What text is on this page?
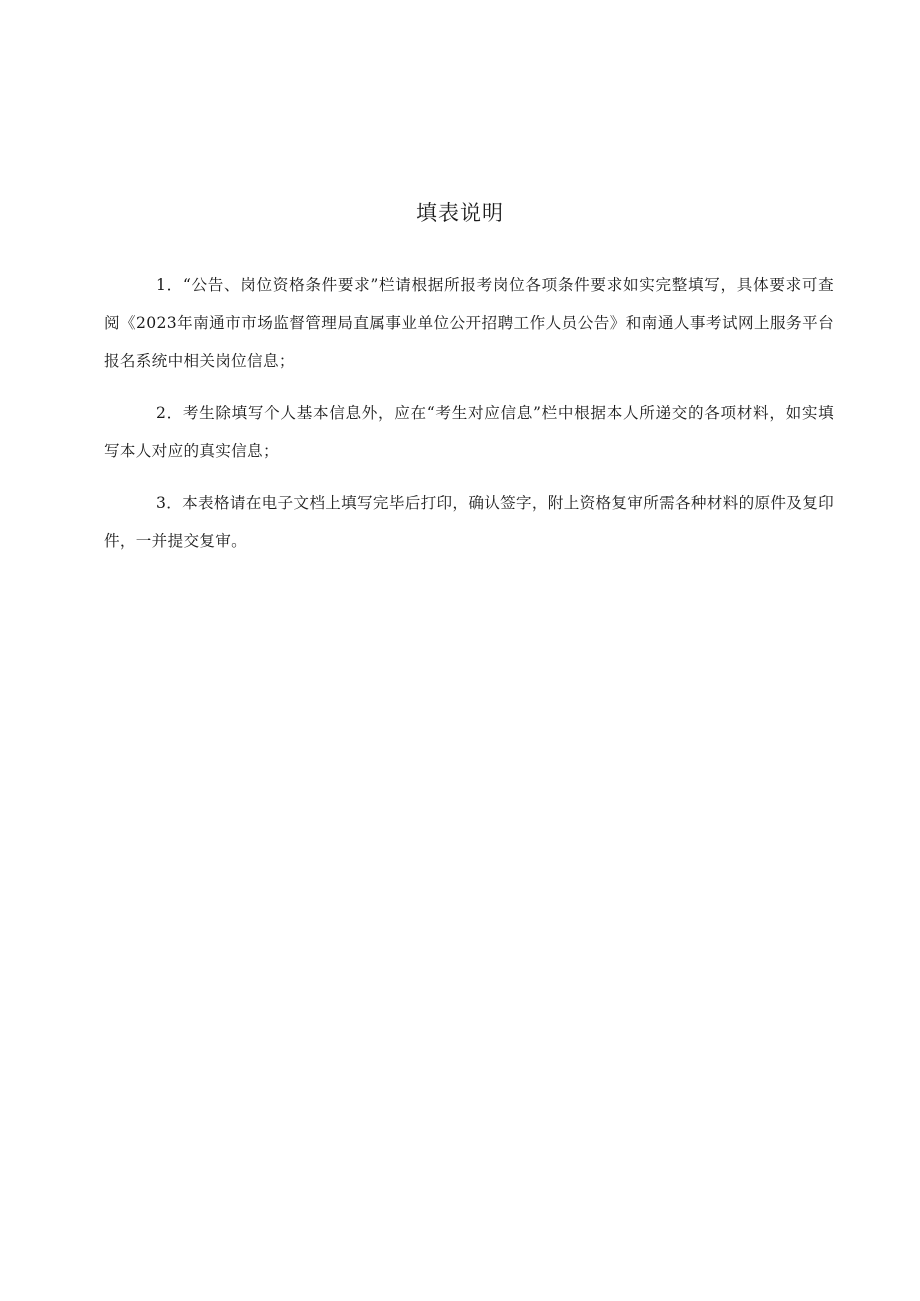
填表说明

1．“公告、岗位资格条件要求”栏请根据所报考岗位各项条件要求如实完整填写，具体要求可查阅《2023年南通市市场监督管理局直属事业单位公开招聘工作人员公告》和南通人事考试网上服务平台报名系统中相关岗位信息；

2．考生除填写个人基本信息外，应在“考生对应信息”栏中根据本人所递交的各项材料，如实填写本人对应的真实信息；

3．本表格请在电子文档上填写完毕后打印，确认签字，附上资格复审所需各种材料的原件及复印件，一并提交复审。
